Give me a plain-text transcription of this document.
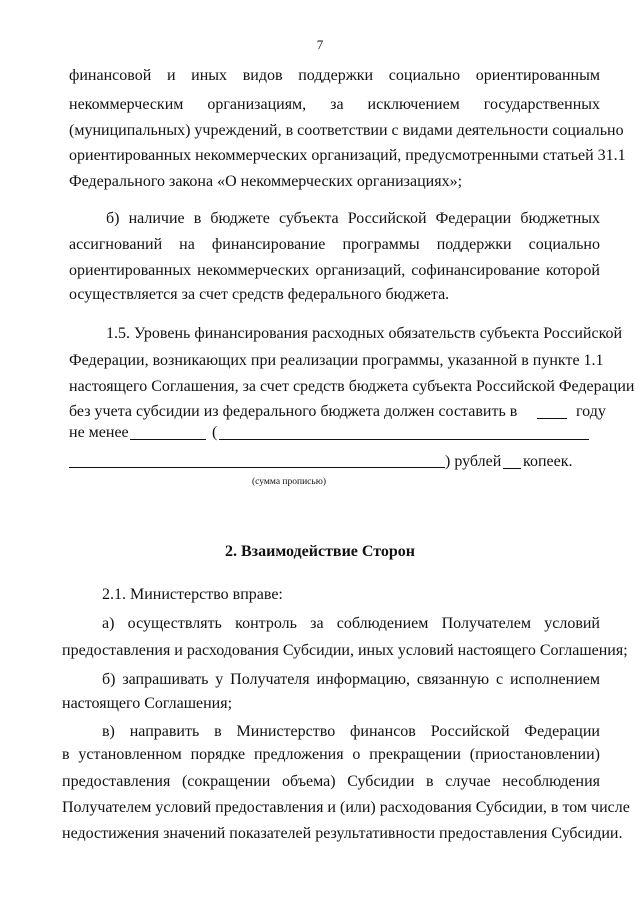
7
финансовой и иных видов поддержки социально ориентированным
некоммерческим организациям, за исключением государственных
(муниципальных) учреждений, в соответствии с видами деятельности социально
ориентированных некоммерческих организаций, предусмотренными статьей 31.1
Федерального закона «О некоммерческих организациях»;
б) наличие в бюджете субъекта Российской Федерации бюджетных
ассигнований на финансирование программы поддержки социально
ориентированных некоммерческих организаций, софинансирование которой
осуществляется за счет средств федерального бюджета.
1.5. Уровень финансирования расходных обязательств субъекта Российской
Федерации, возникающих при реализации программы, указанной в пункте 1.1
настоящего Соглашения, за счет средств бюджета субъекта Российской Федерации
без учета субсидии из федерального бюджета должен составить в	году
не менее	(
) рублей копеек.
(сумма прописью)
2. Взаимодействие Сторон
2.1. Министерство вправе:
а) осуществлять контроль за соблюдением Получателем условий
предоставления и расходования Субсидии, иных условий настоящего Соглашения;
б) запрашивать у Получателя информацию, связанную с исполнением
настоящего Соглашения;
в) направить в Министерство финансов Российской Федерации
в установленном порядке предложения о прекращении (приостановлении)
предоставления (сокращении объема) Субсидии в случае несоблюдения
Получателем условий предоставления и (или) расходования Субсидии, в том числе
недостижения значений показателей результативности предоставления Субсидии.
